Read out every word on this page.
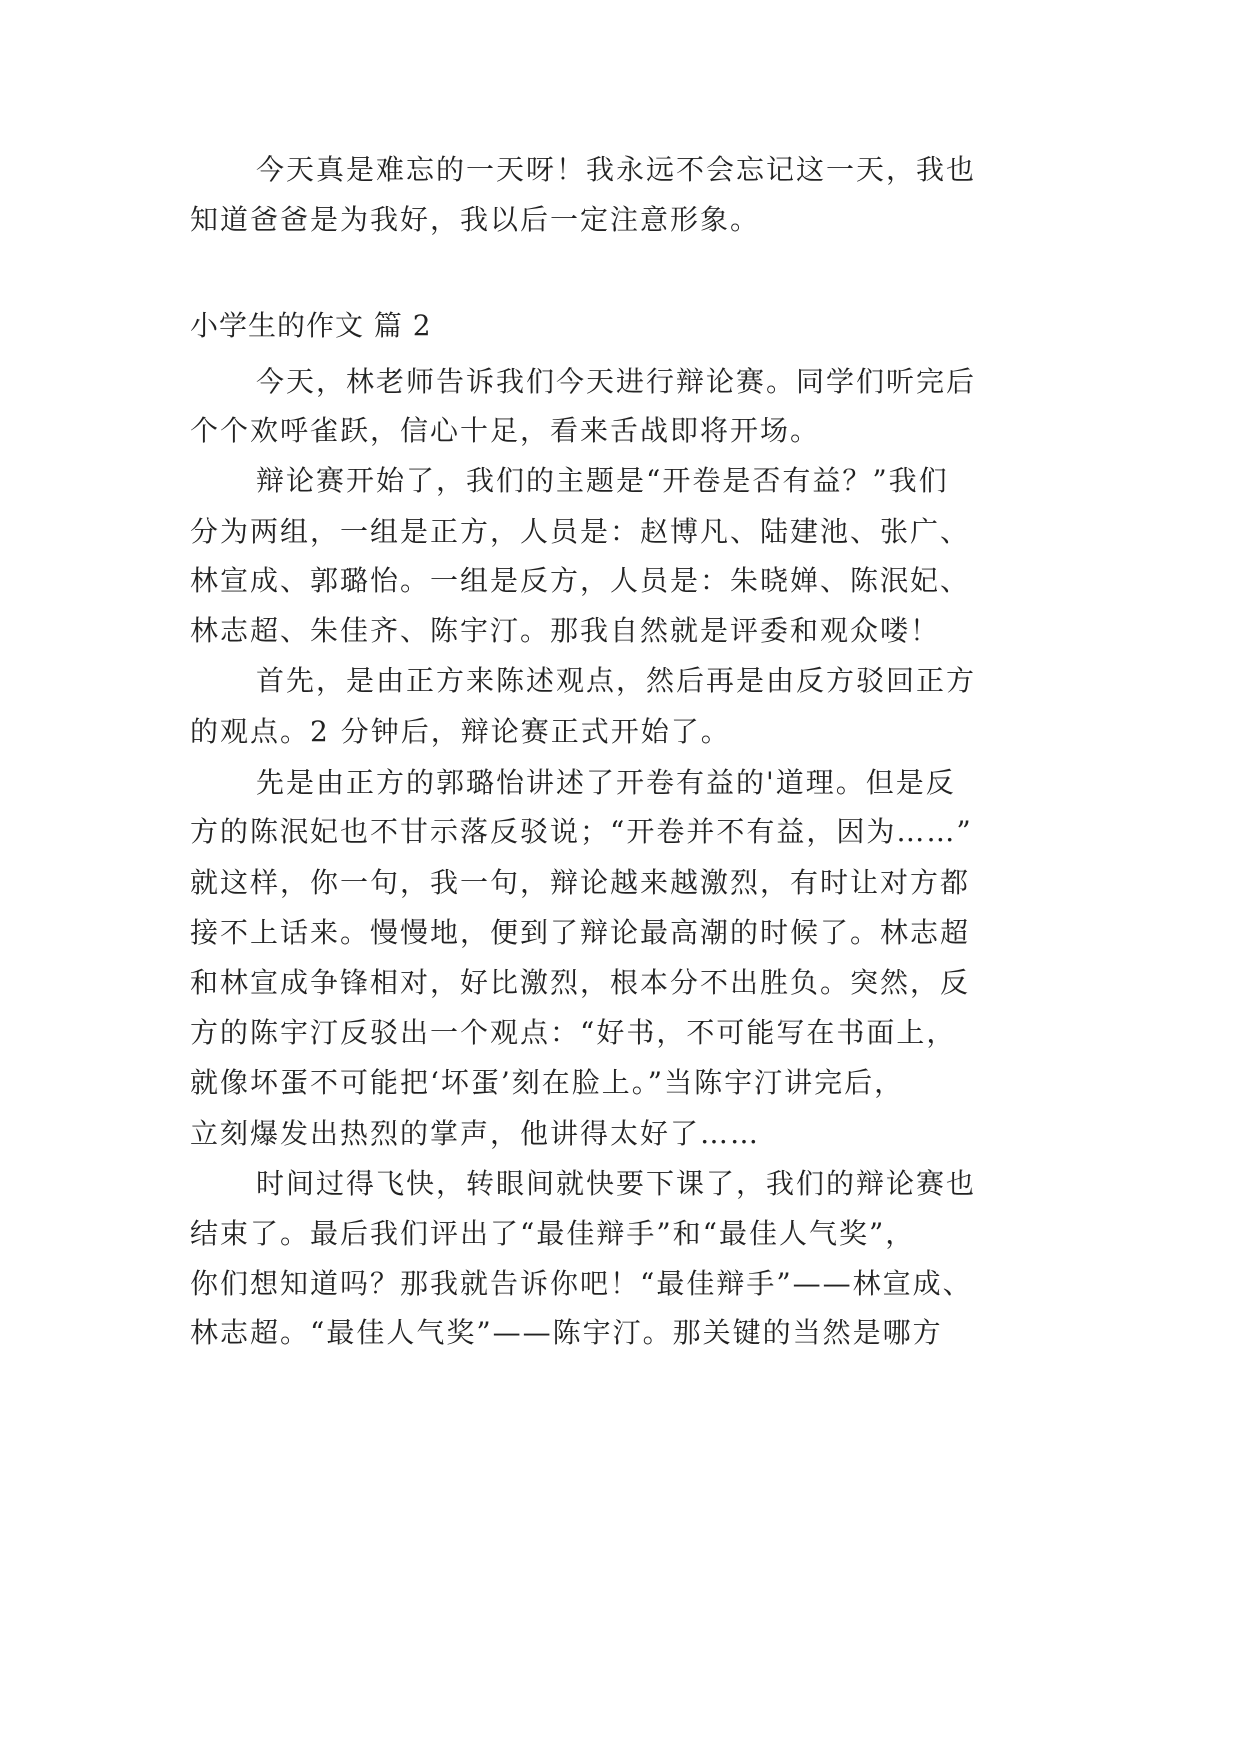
今天真是难忘的一天呀！我永远不会忘记这一天，我也
知道爸爸是为我好，我以后一定注意形象。
小学生的作文 篇 2
今天，林老师告诉我们今天进行辩论赛。同学们听完后
个个欢呼雀跃，信心十足，看来舌战即将开场。
辩论赛开始了，我们的主题是“开卷是否有益？”我们
分为两组，一组是正方，人员是：赵博凡、陆建池、张广、
林宣成、郭璐怡。一组是反方，人员是：朱晓婵、陈泯妃、
林志超、朱佳齐、陈宇汀。那我自然就是评委和观众喽！
首先，是由正方来陈述观点，然后再是由反方驳回正方
的观点。2 分钟后，辩论赛正式开始了。
先是由正方的郭璐怡讲述了开卷有益的'道理。但是反
方的陈泯妃也不甘示落反驳说；“开卷并不有益，因为……”
就这样，你一句，我一句，辩论越来越激烈，有时让对方都
接不上话来。慢慢地，便到了辩论最高潮的时候了。林志超
和林宣成争锋相对，好比激烈，根本分不出胜负。突然，反
方的陈宇汀反驳出一个观点：“好书，不可能写在书面上，
就像坏蛋不可能把‘坏蛋’刻在脸上。”当陈宇汀讲完后，
立刻爆发出热烈的掌声，他讲得太好了……
时间过得飞快，转眼间就快要下课了，我们的辩论赛也
结束了。最后我们评出了“最佳辩手”和“最佳人气奖”，
你们想知道吗？那我就告诉你吧！“最佳辩手”——林宣成、
林志超。“最佳人气奖”——陈宇汀。那关键的当然是哪方
